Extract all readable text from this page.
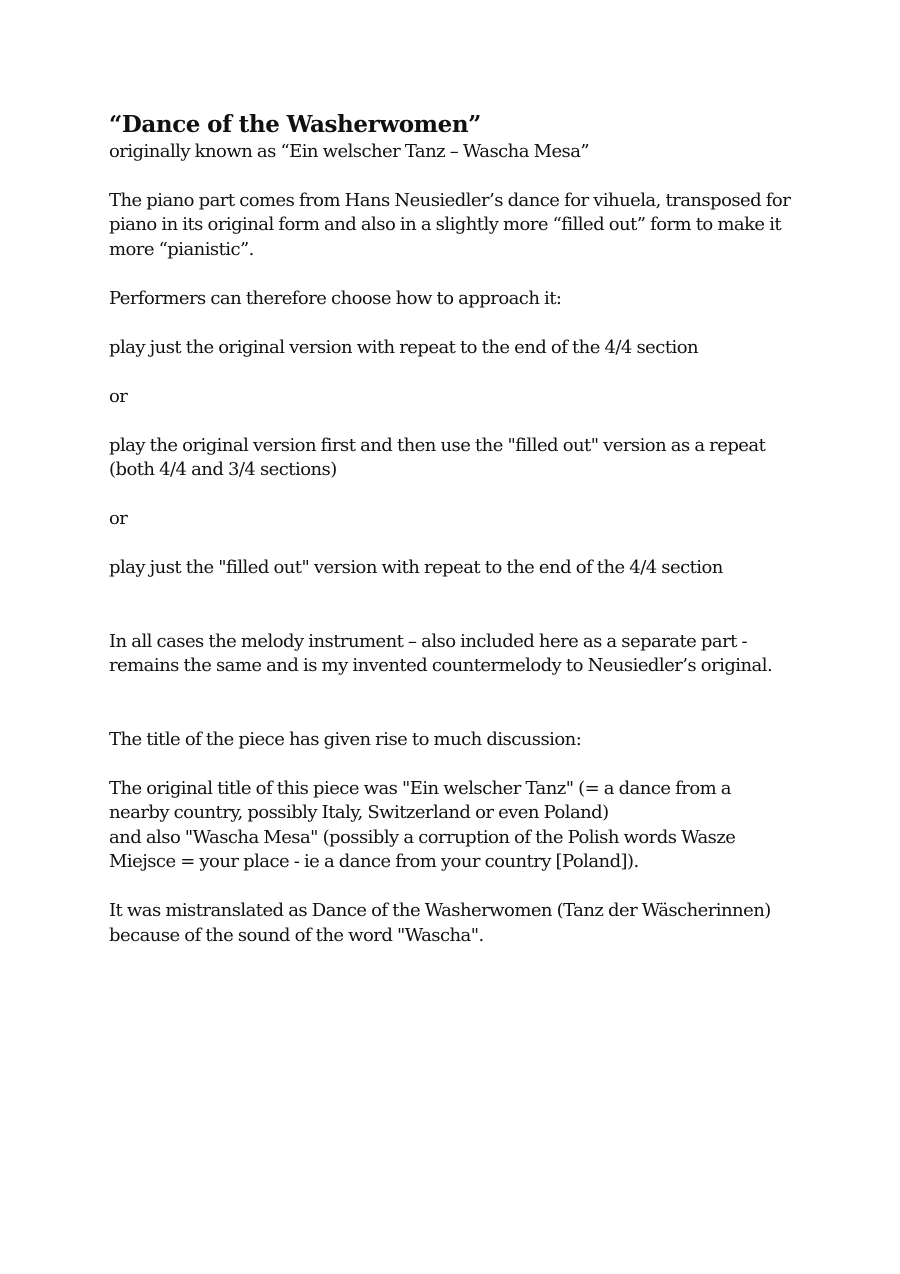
“Dance of the Washerwomen”
originally known as “Ein welscher Tanz – Wascha Mesa”
The piano part comes from Hans Neusiedler’s dance for vihuela, transposed for
piano in its original form and also in a slightly more “filled out” form to make it
more “pianistic”.
Performers can therefore choose how to approach it:
play just the original version with repeat to the end of the 4/4 section
or
play the original version first and then use the "filled out" version as a repeat
(both 4/4 and 3/4 sections)
or
play just the "filled out" version with repeat to the end of the 4/4 section
In all cases the melody instrument – also included here as a separate part -
remains the same and is my invented countermelody to Neusiedler’s original.
The title of the piece has given rise to much discussion:
The original title of this piece was "Ein welscher Tanz" (= a dance from a
nearby country, possibly Italy, Switzerland or even Poland)
and also "Wascha Mesa" (possibly a corruption of the Polish words Wasze
Miejsce = your place - ie a dance from your country [Poland]).
It was mistranslated as Dance of the Washerwomen (Tanz der Wäscherinnen)
because of the sound of the word "Wascha".
